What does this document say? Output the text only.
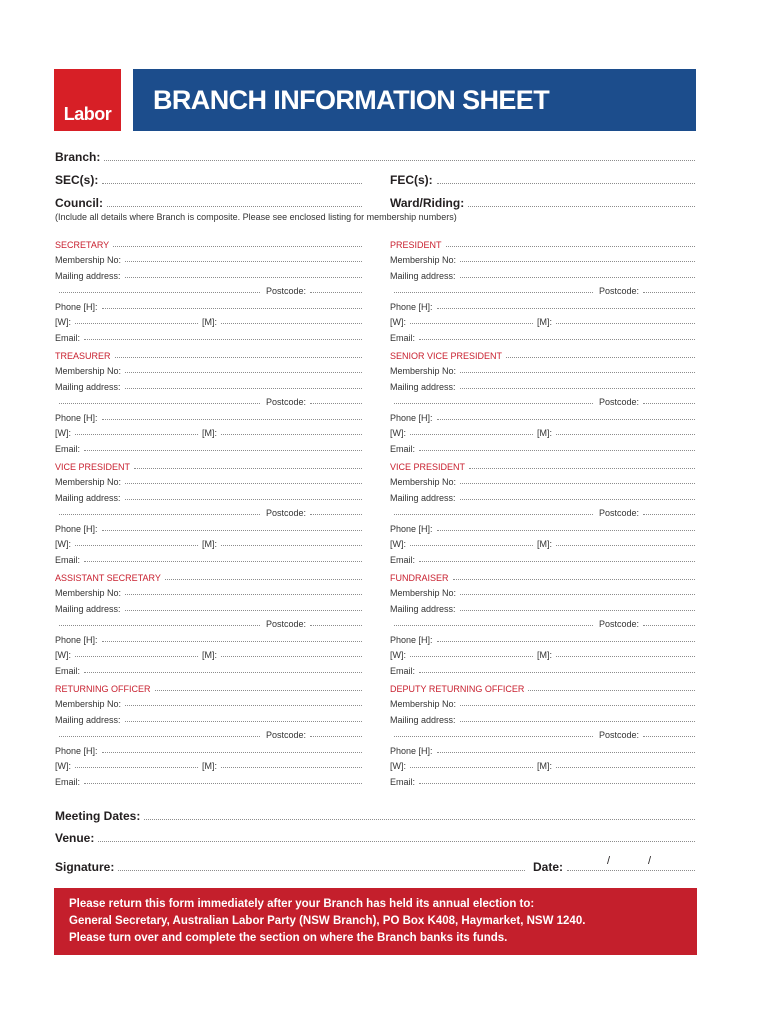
Labor BRANCH INFORMATION SHEET
Branch:
SEC(s):	FEC(s):
Council:	Ward/Riding:
(Include all details where Branch is composite. Please see enclosed listing for membership numbers)
SECRETARY
Membership No:
Mailing address:
Postcode:
Phone [H]:
[W]:	[M]:
Email:
PRESIDENT
Membership No:
Mailing address:
Postcode:
Phone [H]:
[W]:	[M]:
Email:
TREASURER
Membership No:
Mailing address:
Postcode:
Phone [H]:
[W]:	[M]:
Email:
SENIOR VICE PRESIDENT
Membership No:
Mailing address:
Postcode:
Phone [H]:
[W]:	[M]:
Email:
VICE PRESIDENT
Membership No:
Mailing address:
Postcode:
Phone [H]:
[W]:	[M]:
Email:
VICE PRESIDENT
Membership No:
Mailing address:
Postcode:
Phone [H]:
[W]:	[M]:
Email:
ASSISTANT SECRETARY
Membership No:
Mailing address:
Postcode:
Phone [H]:
[W]:	[M]:
Email:
FUNDRAISER
Membership No:
Mailing address:
Postcode:
Phone [H]:
[W]:	[M]:
Email:
RETURNING OFFICER
Membership No:
Mailing address:
Postcode:
Phone [H]:
[W]:	[M]:
Email:
DEPUTY RETURNING OFFICER
Membership No:
Mailing address:
Postcode:
Phone [H]:
[W]:	[M]:
Email:
Meeting Dates:
Venue:
Signature:	Date:	/	/
Please return this form immediately after your Branch has held its annual election to:
General Secretary, Australian Labor Party (NSW Branch), PO Box K408, Haymarket, NSW 1240.
Please turn over and complete the section on where the Branch banks its funds.
